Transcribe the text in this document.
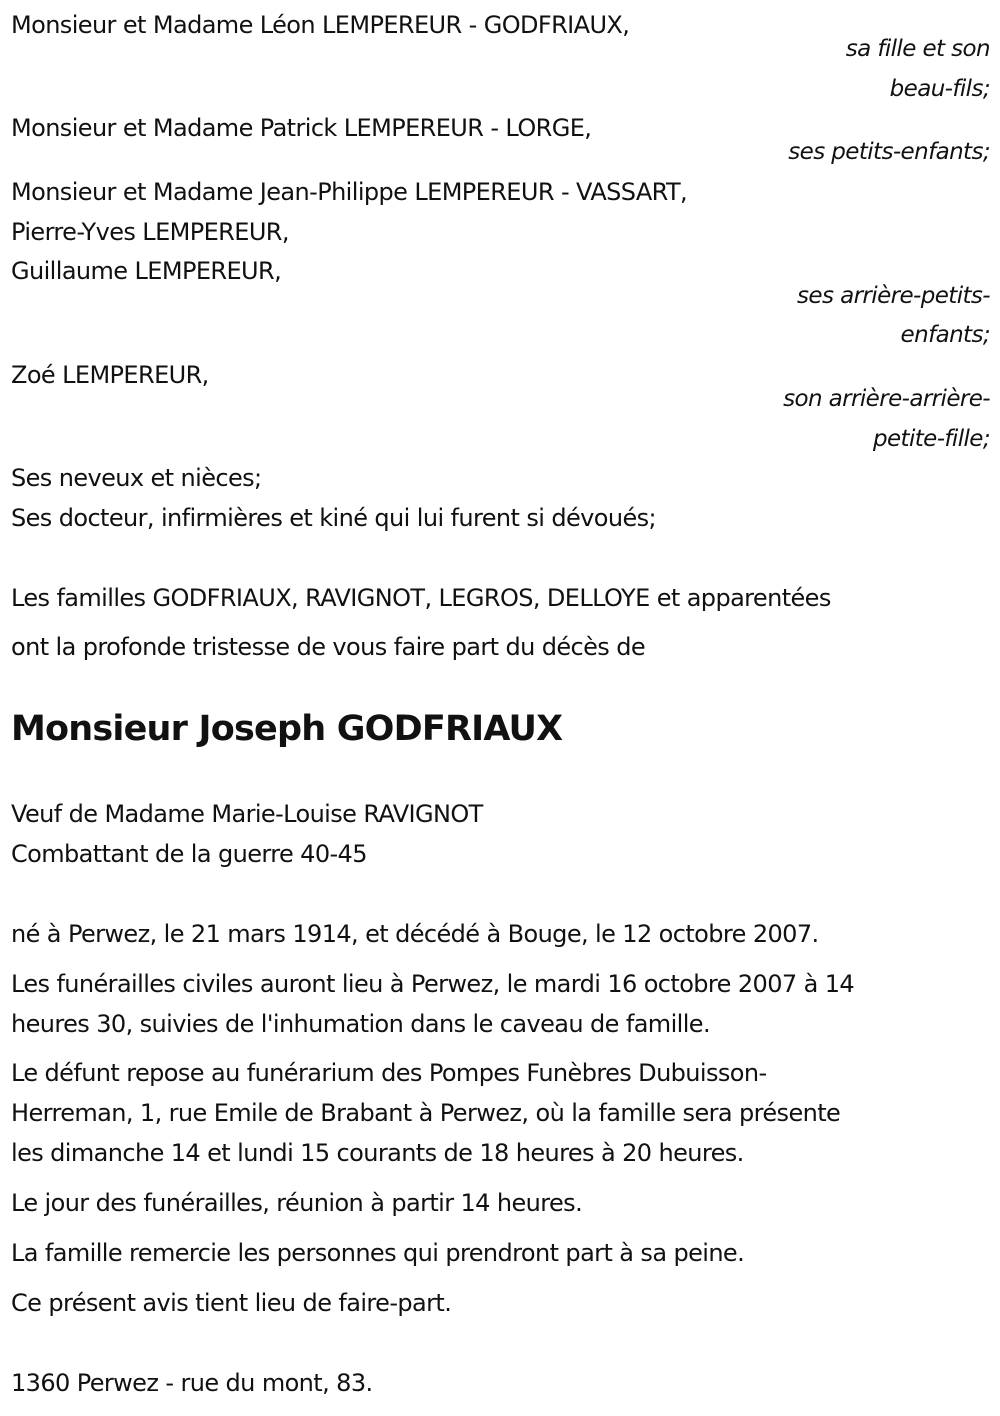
Monsieur et Madame Léon LEMPEREUR - GODFRIAUX,
sa fille et son
beau-fils;
Monsieur et Madame Patrick LEMPEREUR - LORGE,
ses petits-enfants;
Monsieur et Madame Jean-Philippe LEMPEREUR - VASSART,
Pierre-Yves LEMPEREUR,
Guillaume LEMPEREUR,
ses arrière-petits-
enfants;
Zoé LEMPEREUR,
son arrière-arrière-
petite-fille;
Ses neveux et nièces;
Ses docteur, infirmières et kiné qui lui furent si dévoués;
Les familles GODFRIAUX, RAVIGNOT, LEGROS, DELLOYE et apparentées
ont la profonde tristesse de vous faire part du décès de
Monsieur Joseph GODFRIAUX
Veuf de Madame Marie-Louise RAVIGNOT
Combattant de la guerre 40-45
né à Perwez, le 21 mars 1914, et décédé à Bouge, le 12 octobre 2007.
Les funérailles civiles auront lieu à Perwez, le mardi 16 octobre 2007 à 14
heures 30, suivies de l'inhumation dans le caveau de famille.
Le défunt repose au funérarium des Pompes Funèbres Dubuisson-
Herreman, 1, rue Emile de Brabant à Perwez, où la famille sera présente
les dimanche 14 et lundi 15 courants de 18 heures à 20 heures.
Le jour des funérailles, réunion à partir 14 heures.
La famille remercie les personnes qui prendront part à sa peine.
Ce présent avis tient lieu de faire-part.
1360 Perwez - rue du mont, 83.
